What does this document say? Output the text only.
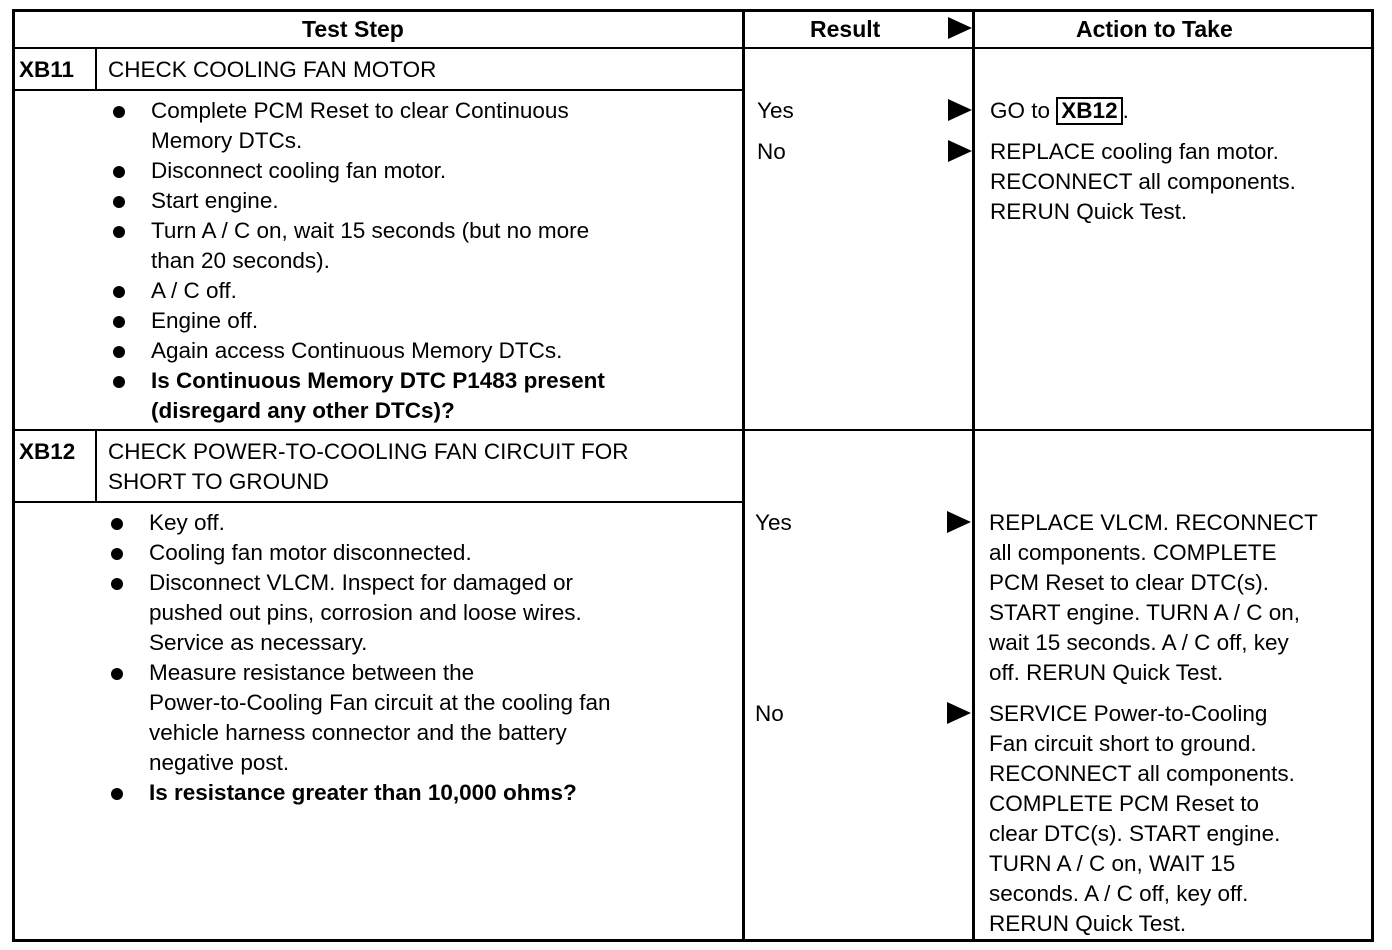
Test Step	Result	Action to Take
XB11 CHECK COOLING FAN MOTOR
Complete PCM Reset to clear Continuous
Memory DTCs.
Disconnect cooling fan motor.
Start engine.
Turn A / C on, wait 15 seconds (but no more
than 20 seconds).
A / C off.
Engine off.
Again access Continuous Memory DTCs.
Is Continuous Memory DTC P1483 present
(disregard any other DTCs)?
Yes	GO to XB12 .
No	REPLACE cooling fan motor.
RECONNECT all components.
RERUN Quick Test.
XB12 CHECK POWER-TO-COOLING FAN CIRCUIT FOR
SHORT TO GROUND
Key off.
Cooling fan motor disconnected.
Disconnect VLCM. Inspect for damaged or
pushed out pins, corrosion and loose wires.
Service as necessary.
Measure resistance between the
Power-to-Cooling Fan circuit at the cooling fan
vehicle harness connector and the battery
negative post.
Is resistance greater than 10,000 ohms?
Yes	REPLACE VLCM. RECONNECT
all components. COMPLETE
PCM Reset to clear DTC(s).
START engine. TURN A / C on,
wait 15 seconds. A / C off, key
off. RERUN Quick Test.
No	SERVICE Power-to-Cooling
Fan circuit short to ground.
RECONNECT all components.
COMPLETE PCM Reset to
clear DTC(s). START engine.
TURN A / C on, WAIT 15
seconds. A / C off, key off.
RERUN Quick Test.
